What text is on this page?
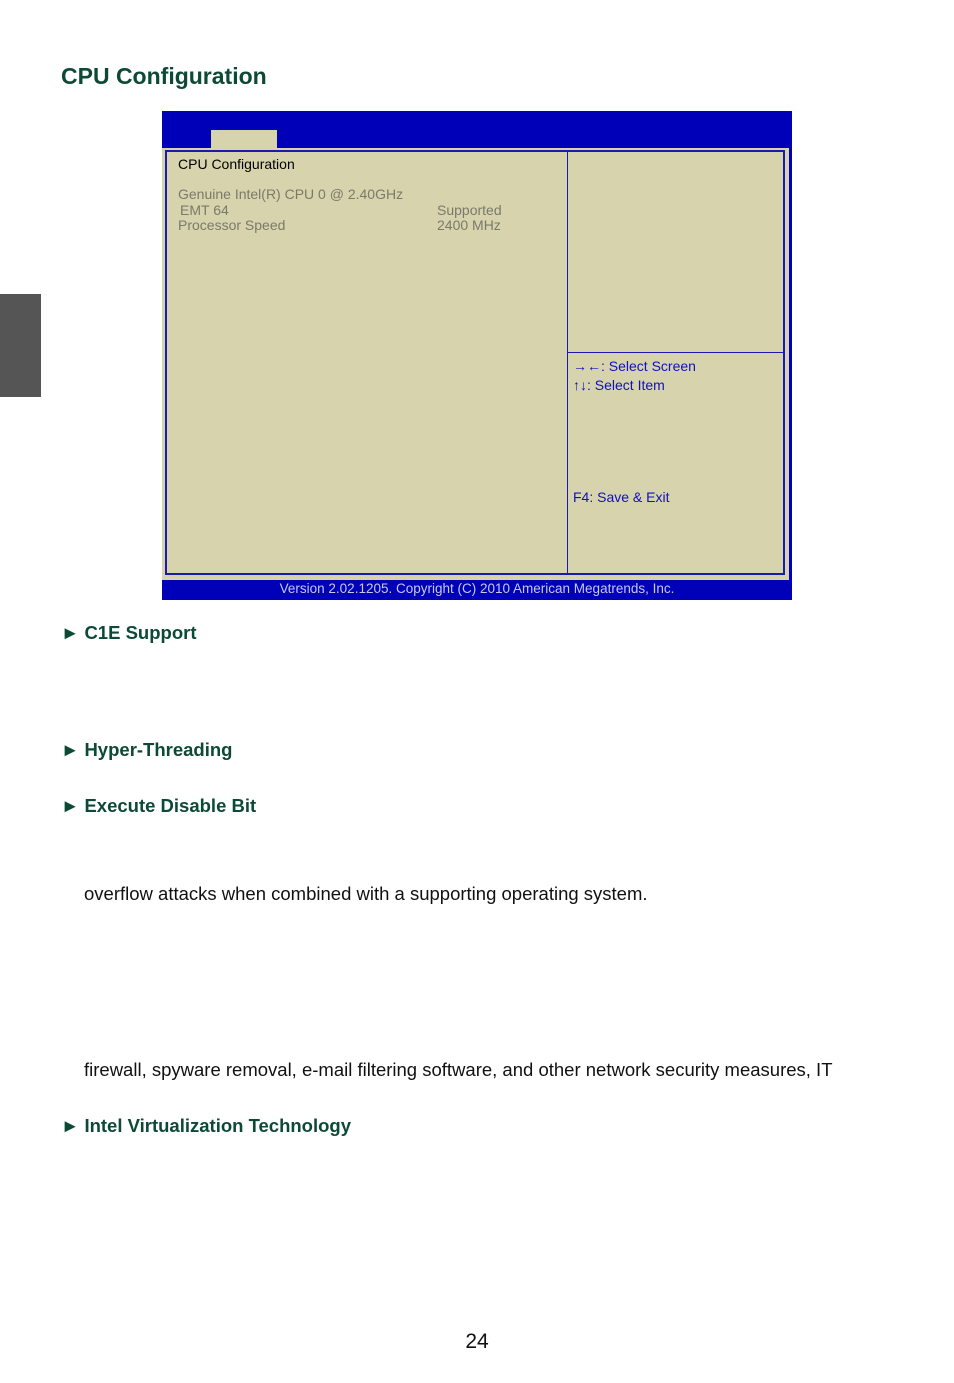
CPU Configuration
CPU Configuration
Genuine Intel(R) CPU 0 @ 2.40GHz
EMT 64	Supported
Processor Speed	2400 MHz
→←: Select Screen
↑↓: Select Item
F4: Save & Exit
Version 2.02.1205. Copyright (C) 2010 American Megatrends, Inc.
► C1E Support
► Hyper-Threading
► Execute Disable Bit
overflow attacks when combined with a supporting operating system.
firewall, spyware removal, e-mail filtering software, and other network security measures, IT
► Intel Virtualization Technology
24
